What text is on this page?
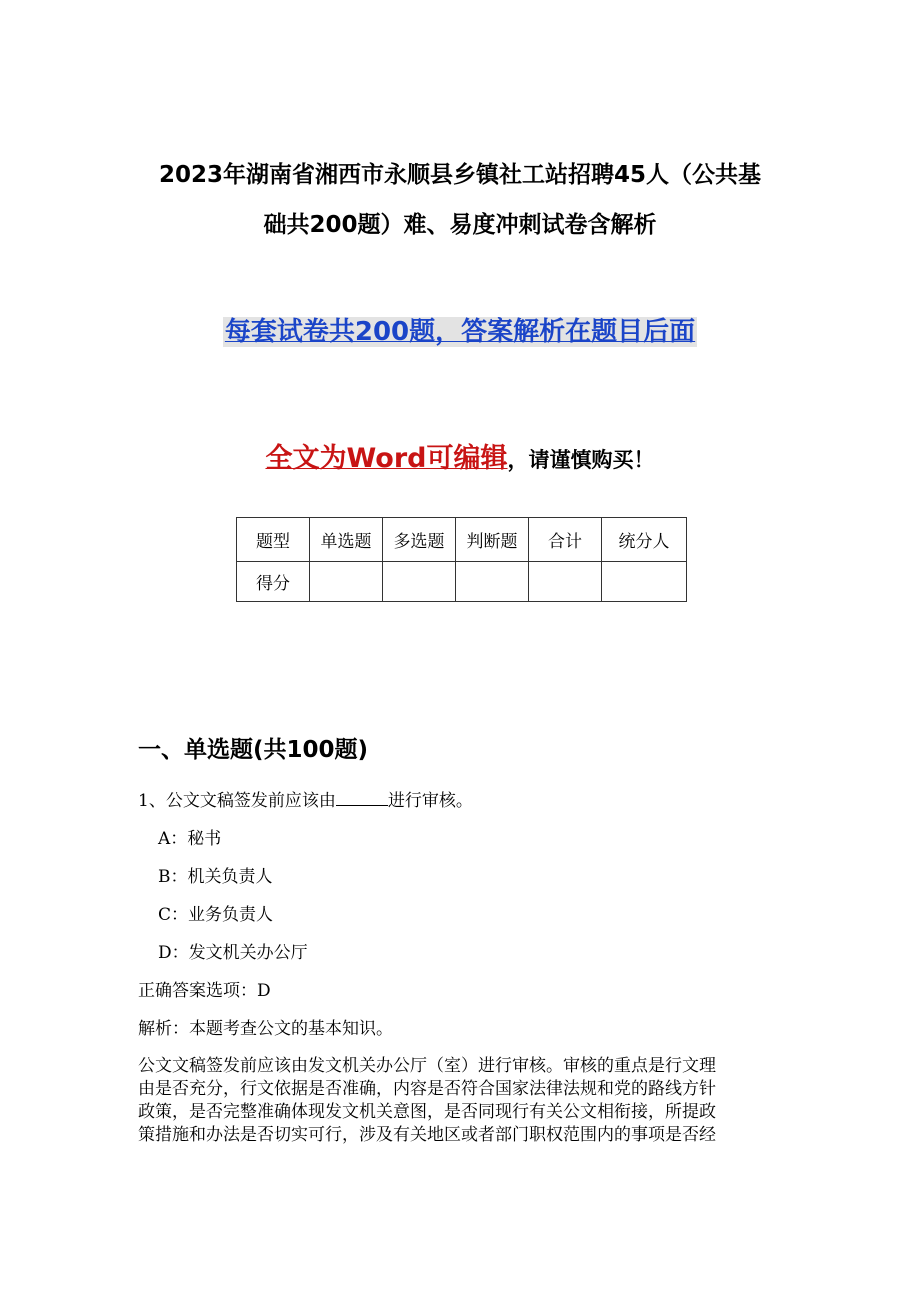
2023年湖南省湘西市永顺县乡镇社工站招聘45人（公共基
础共200题）难、易度冲刺试卷含解析
每套试卷共200题，答案解析在题目后面
全文为Word可编辑，请谨慎购买！
题型	单选题	多选题	判断题	合计	统分人
得分					
一、单选题(共100题)
1、公文文稿签发前应该由	进行审核。
A：秘书
B：机关负责人
C：业务负责人
D：发文机关办公厅
正确答案选项：D
解析：本题考查公文的基本知识。
公文文稿签发前应该由发文机关办公厅（室）进行审核。审核的重点是行文理
由是否充分，行文依据是否准确，内容是否符合国家法律法规和党的路线方针
政策，是否完整准确体现发文机关意图，是否同现行有关公文相衔接，所提政
策措施和办法是否切实可行，涉及有关地区或者部门职权范围内的事项是否经
